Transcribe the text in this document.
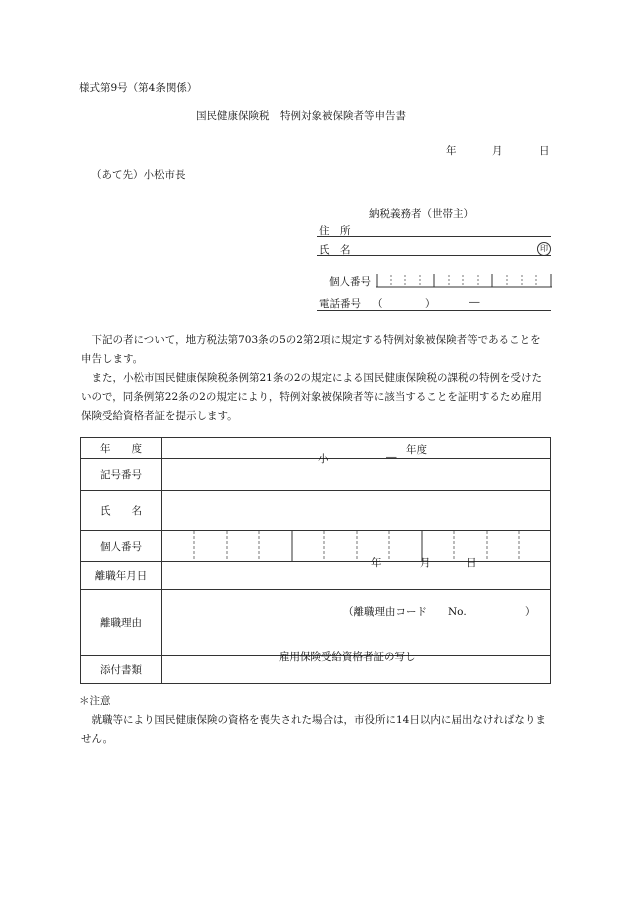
様式第9号（第4条関係）
国民健康保険税　特例対象被保険者等申告書
年	月	日
（あて先）小松市長
納税義務者（世帯主）
住　所
氏　名	印
個人番号
電話番号 （	）	―
下記の者について，地方税法第703条の5の2第2項に規定する特例対象被保険者等であることを申告します。
また，小松市国民健康保険税条例第21条の2の規定による国民健康保険税の課税の特例を受けたいので，同条例第22条の2の規定により，特例対象被保険者等に該当することを証明するため雇用保険受給資格者証を提示します。
年　　度	年度

記号番号	小 ―

氏　　名	
個人番号	

離職年月日	年 月 日

離職理由	（離職理由コード　　No. ）

添付書類	雇用保険受給資格者証の写し
＊注意
就職等により国民健康保険の資格を喪失された場合は，市役所に14日以内に届出なければなりません。
